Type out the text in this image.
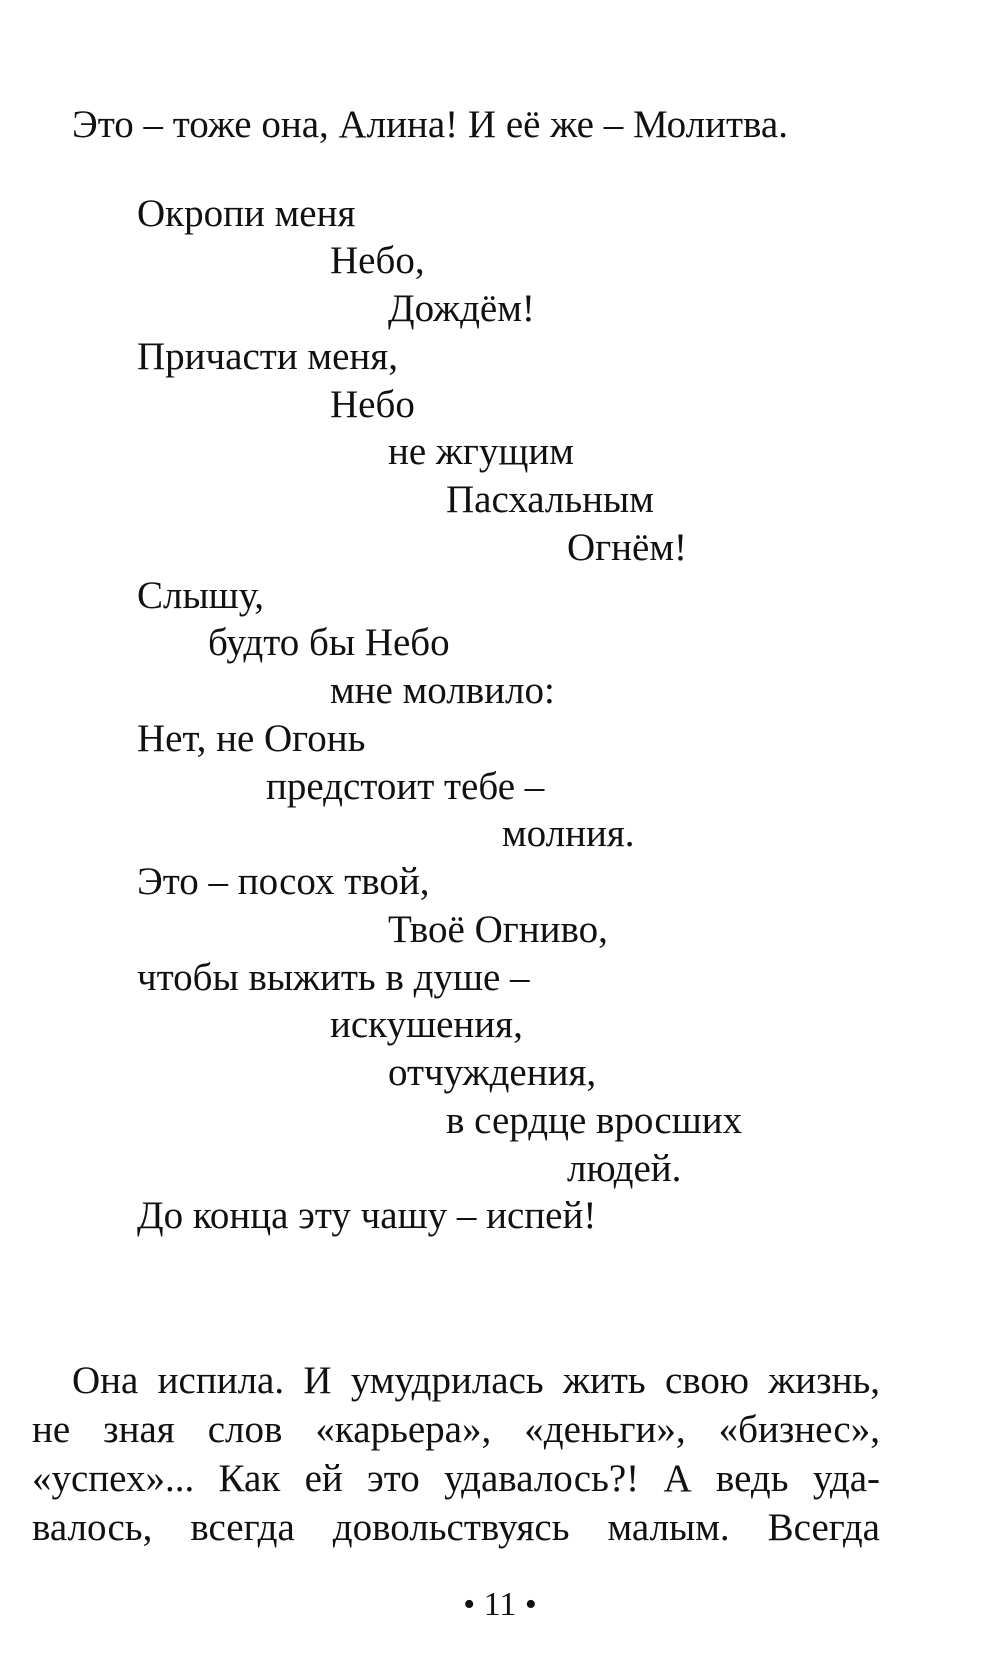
Это – тоже она, Алина! И её же – Молитва.

Окропи меня

Небо,

Дождём!

Причасти меня,

Небо

не жгущим

Пасхальным

Огнём!

Слышу,

будто бы Небо

мне молвило:

Нет, не Огонь

предстоит тебе –

молния.

Это – посох твой,

Твоё Огниво,

чтобы выжить в душе –

искушения,

отчуждения,

в сердце вросших

людей.

До конца эту чашу – испей!

Она испила. И умудрилась жить свою жизнь,
не зная слов «карьера», «деньги», «бизнес»,
«успех»... Как ей это удавалось?! А ведь уда-
валось, всегда довольствуясь малым. Всегда

• 11 •
